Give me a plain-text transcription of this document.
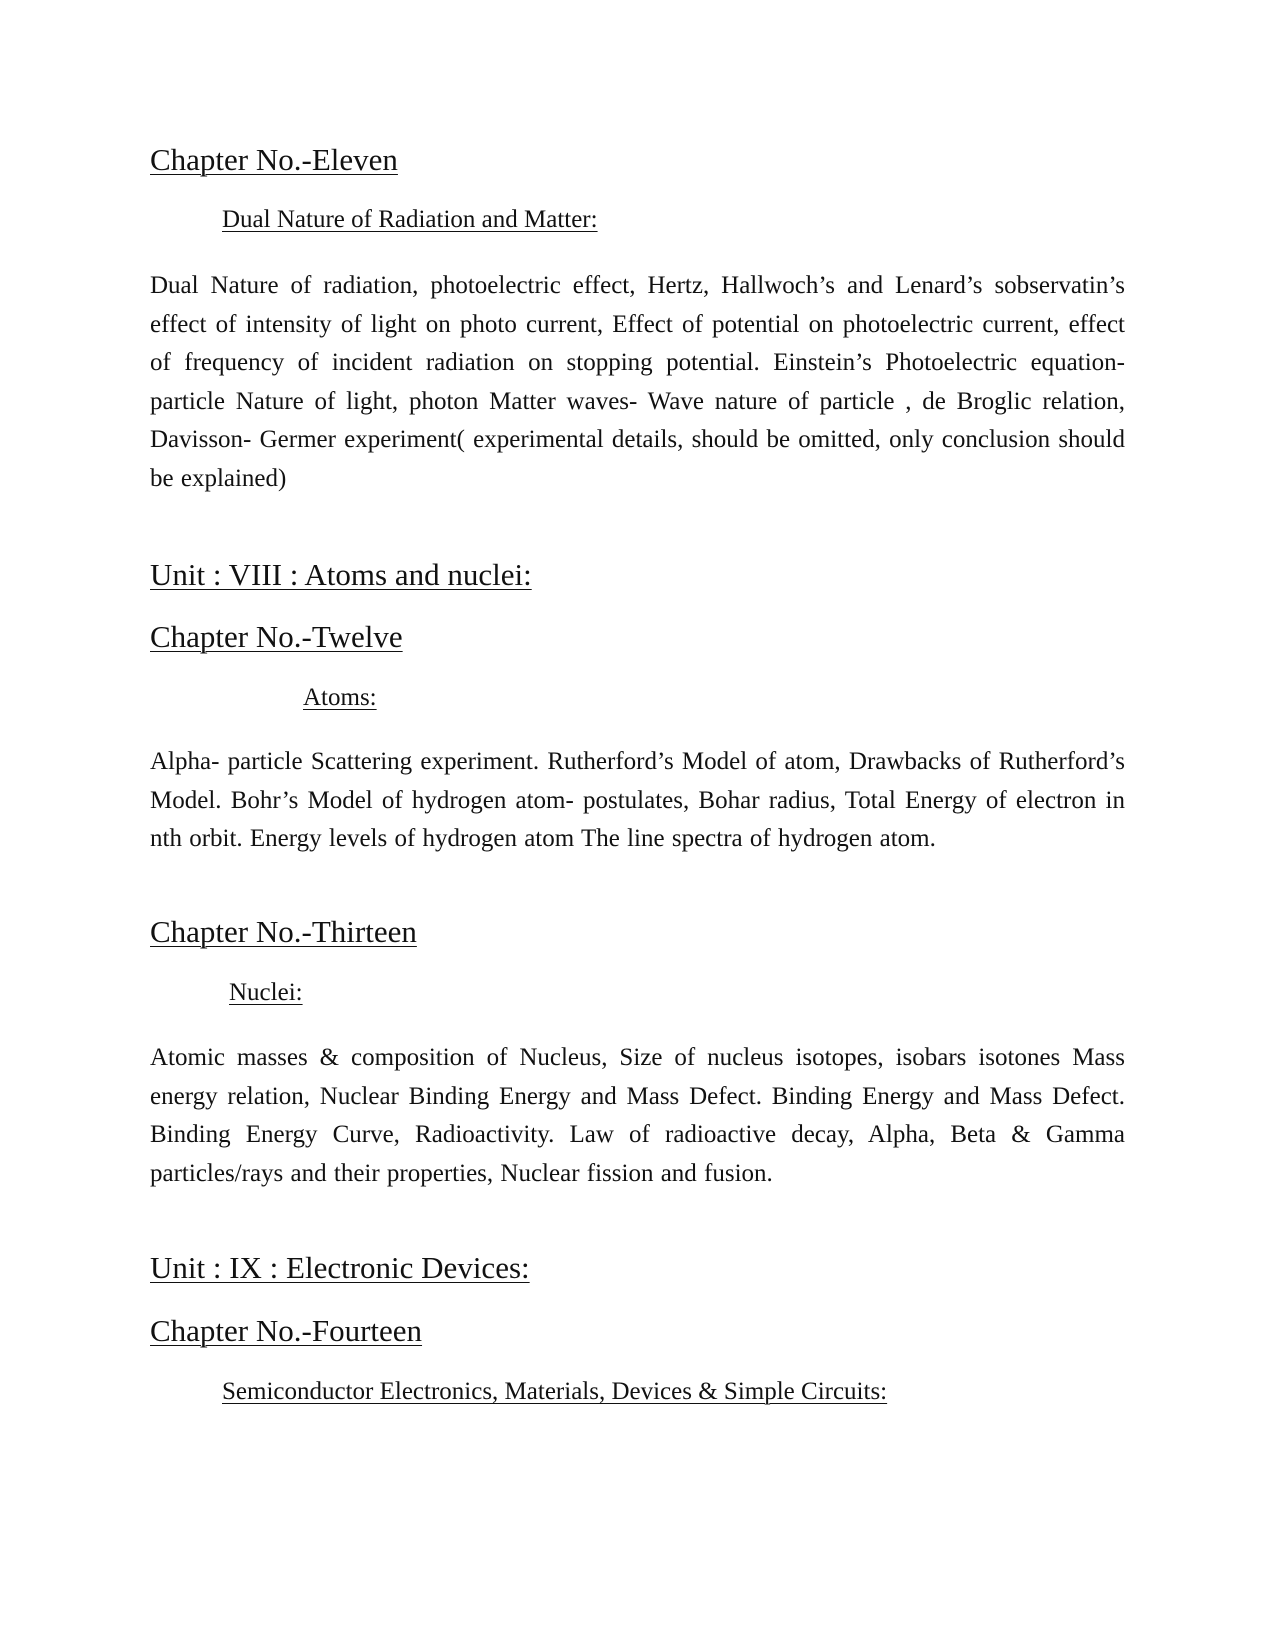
Chapter No.-Eleven
Dual Nature of Radiation and Matter:

Dual Nature of radiation, photoelectric effect, Hertz, Hallwoch’s and Lenard’s sobservatin’s effect of intensity of light on photo current, Effect of potential on photoelectric current, effect of frequency of incident radiation on stopping potential. Einstein’s Photoelectric equation- particle Nature of light, photon Matter waves- Wave nature of particle , de Broglic relation, Davisson- Germer experiment( experimental details, should be omitted, only conclusion should be explained)

Unit : VIII : Atoms and nuclei:
Chapter No.-Twelve
Atoms:

Alpha- particle Scattering experiment. Rutherford’s Model of atom, Drawbacks of Rutherford’s Model. Bohr’s Model of hydrogen atom- postulates, Bohar radius, Total Energy of electron in nth orbit. Energy levels of hydrogen atom The line spectra of hydrogen atom.

Chapter No.-Thirteen
Nuclei:

Atomic masses & composition of Nucleus, Size of nucleus isotopes, isobars isotones Mass energy relation, Nuclear Binding Energy and Mass Defect. Binding Energy and Mass Defect. Binding Energy Curve, Radioactivity. Law of radioactive decay, Alpha, Beta & Gamma particles/rays and their properties, Nuclear fission and fusion.

Unit : IX : Electronic Devices:
Chapter No.-Fourteen
Semiconductor Electronics, Materials, Devices & Simple Circuits:
